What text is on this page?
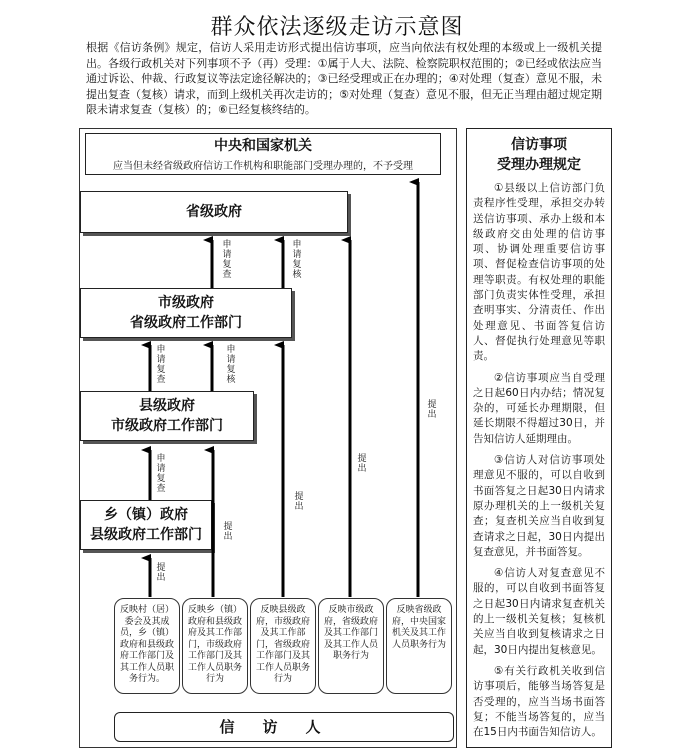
群众依法逐级走访示意图
根据《信访条例》规定，信访人采用走访形式提出信访事项，应当向依法有权处理的本级或上一级机关提出。各级行政机关对下列事项不予（再）受理：①属于人大、法院、检察院职权范围的；②已经或依法应当通过诉讼、仲裁、行政复议等法定途径解决的；③已经受理或正在办理的；④对处理（复查）意见不服，未提出复查（复核）请求，而到上级机关再次走访的；⑤对处理（复查）意见不服，但无正当理由超过规定期限未请求复查（复核）的；⑥已经复核终结的。
中央和国家机关
应当但未经省级政府信访工作机构和职能部门受理办理的，不予受理
省级政府
市级政府
省级政府工作部门
县级政府
市级政府工作部门
乡（镇）政府
县级政府工作部门
申请复查
申请复查
申请复核
申请复查
申请复核
提出
提出
提出
提出
提出
反映村（居）委会及其成员，乡（镇）政府和县级政府工作部门及其工作人员职务行为。
反映乡（镇）政府和县级政府及其工作部门，市级政府工作部门及其工作人员职务行为
反映县级政府，市级政府及其工作部门，省级政府工作部门及其工作人员职务行为
反映市级政府，省级政府及其工作部门及其工作人员职务行为
反映省级政府，中央国家机关及其工作人员职务行为
信访人
信访事项
受理办理规定

①县级以上信访部门负责程序性受理，承担交办转送信访事项、承办上级和本级政府交由处理的信访事项、协调处理重要信访事项、督促检查信访事项的处理等职责。有权处理的职能部门负责实体性受理，承担查明事实、分清责任、作出处理意见、书面答复信访人、督促执行处理意见等职责。

②信访事项应当自受理之日起60日内办结；情况复杂的，可延长办理期限，但延长期限不得超过30日，并告知信访人延期理由。

③信访人对信访事项处理意见不服的，可以自收到书面答复之日起30日内请求原办理机关的上一级机关复查；复查机关应当自收到复查请求之日起，30日内提出复查意见，并书面答复。

④信访人对复查意见不服的，可以自收到书面答复之日起30日内请求复查机关的上一级机关复核；复核机关应当自收到复核请求之日起，30日内提出复核意见。

⑤有关行政机关收到信访事项后，能够当场答复是否受理的，应当当场书面答复；不能当场答复的，应当在15日内书面告知信访人。
